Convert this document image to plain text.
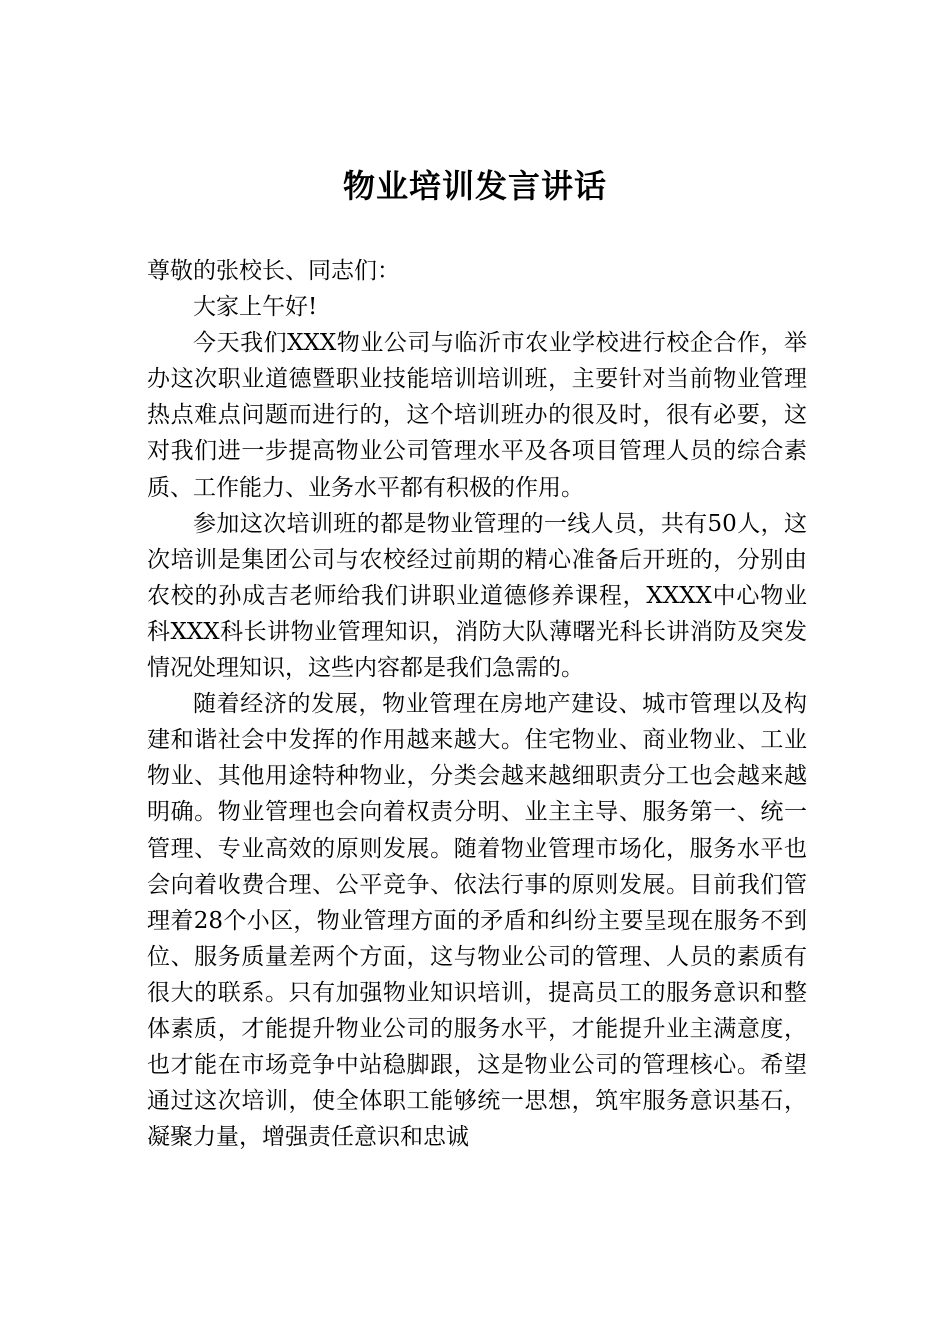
物业培训发言讲话

尊敬的张校长、同志们：

大家上午好!

今天我们XXX物业公司与临沂市农业学校进行校企合作，举办这次职业道德暨职业技能培训培训班，主要针对当前物业管理热点难点问题而进行的，这个培训班办的很及时，很有必要，这对我们进一步提高物业公司管理水平及各项目管理人员的综合素质、工作能力、业务水平都有积极的作用。

参加这次培训班的都是物业管理的一线人员，共有50人，这次培训是集团公司与农校经过前期的精心准备后开班的，分别由农校的孙成吉老师给我们讲职业道德修养课程，XXXX中心物业科XXX科长讲物业管理知识，消防大队薄曙光科长讲消防及突发情况处理知识，这些内容都是我们急需的。

随着经济的发展，物业管理在房地产建设、城市管理以及构建和谐社会中发挥的作用越来越大。住宅物业、商业物业、工业物业、其他用途特种物业，分类会越来越细职责分工也会越来越明确。物业管理也会向着权责分明、业主主导、服务第一、统一管理、专业高效的原则发展。随着物业管理市场化，服务水平也会向着收费合理、公平竞争、依法行事的原则发展。目前我们管理着28个小区，物业管理方面的矛盾和纠纷主要呈现在服务不到位、服务质量差两个方面，这与物业公司的管理、人员的素质有很大的联系。只有加强物业知识培训，提高员工的服务意识和整体素质，才能提升物业公司的服务水平，才能提升业主满意度，也才能在市场竞争中站稳脚跟，这是物业公司的管理核心。希望通过这次培训，使全体职工能够统一思想，筑牢服务意识基石，凝聚力量，增强责任意识和忠诚
